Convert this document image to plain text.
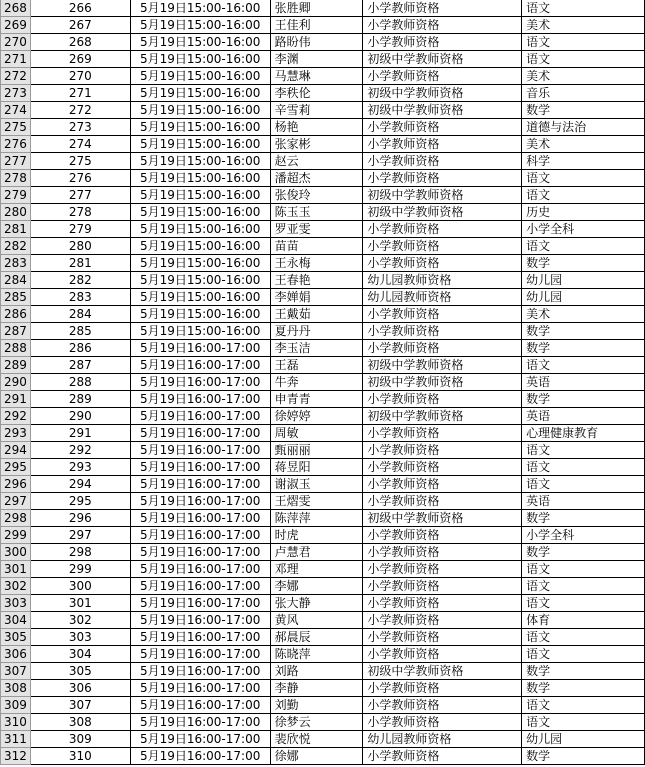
268	266	5月19日15:00-16:00	张胜卿	小学教师资格	语文
269	267	5月19日15:00-16:00	王佳利	小学教师资格	美术
270	268	5月19日15:00-16:00	路盼伟	小学教师资格	语文
271	269	5月19日15:00-16:00	李渊	初级中学教师资格	语文
272	270	5月19日15:00-16:00	马慧琳	小学教师资格	美术
273	271	5月19日15:00-16:00	李秩伦	初级中学教师资格	音乐
274	272	5月19日15:00-16:00	辛雪莉	初级中学教师资格	数学
275	273	5月19日15:00-16:00	杨艳	小学教师资格	道德与法治
276	274	5月19日15:00-16:00	张家彬	小学教师资格	美术
277	275	5月19日15:00-16:00	赵云	小学教师资格	科学
278	276	5月19日15:00-16:00	潘超杰	小学教师资格	语文
279	277	5月19日15:00-16:00	张俊玲	初级中学教师资格	语文
280	278	5月19日15:00-16:00	陈玉玉	初级中学教师资格	历史
281	279	5月19日15:00-16:00	罗亚雯	小学教师资格	小学全科
282	280	5月19日15:00-16:00	苗苗	小学教师资格	语文
283	281	5月19日15:00-16:00	王永梅	小学教师资格	数学
284	282	5月19日15:00-16:00	王春艳	幼儿园教师资格	幼儿园
285	283	5月19日15:00-16:00	李婵娟	幼儿园教师资格	幼儿园
286	284	5月19日15:00-16:00	王戴茹	小学教师资格	美术
287	285	5月19日15:00-16:00	夏丹丹	小学教师资格	数学
288	286	5月19日16:00-17:00	李玉洁	小学教师资格	数学
289	287	5月19日16:00-17:00	王磊	初级中学教师资格	语文
290	288	5月19日16:00-17:00	牛奔	初级中学教师资格	英语
291	289	5月19日16:00-17:00	申青青	小学教师资格	数学
292	290	5月19日16:00-17:00	徐婷婷	初级中学教师资格	英语
293	291	5月19日16:00-17:00	周敏	小学教师资格	心理健康教育
294	292	5月19日16:00-17:00	甄丽丽	小学教师资格	语文
295	293	5月19日16:00-17:00	蒋昱阳	小学教师资格	语文
296	294	5月19日16:00-17:00	谢淑玉	小学教师资格	语文
297	295	5月19日16:00-17:00	王熠雯	小学教师资格	英语
298	296	5月19日16:00-17:00	陈萍萍	初级中学教师资格	数学
299	297	5月19日16:00-17:00	时虎	小学教师资格	小学全科
300	298	5月19日16:00-17:00	卢慧君	小学教师资格	数学
301	299	5月19日16:00-17:00	邓理	小学教师资格	语文
302	300	5月19日16:00-17:00	李娜	小学教师资格	语文
303	301	5月19日16:00-17:00	张大静	小学教师资格	语文
304	302	5月19日16:00-17:00	黄风	小学教师资格	体育
305	303	5月19日16:00-17:00	郝晨辰	小学教师资格	语文
306	304	5月19日16:00-17:00	陈晓萍	小学教师资格	语文
307	305	5月19日16:00-17:00	刘路	初级中学教师资格	数学
308	306	5月19日16:00-17:00	李静	小学教师资格	数学
309	307	5月19日16:00-17:00	刘勤	小学教师资格	语文
310	308	5月19日16:00-17:00	徐梦云	小学教师资格	语文
311	309	5月19日16:00-17:00	裴欣悦	幼儿园教师资格	幼儿园
312	310	5月19日16:00-17:00	徐娜	小学教师资格	数学
